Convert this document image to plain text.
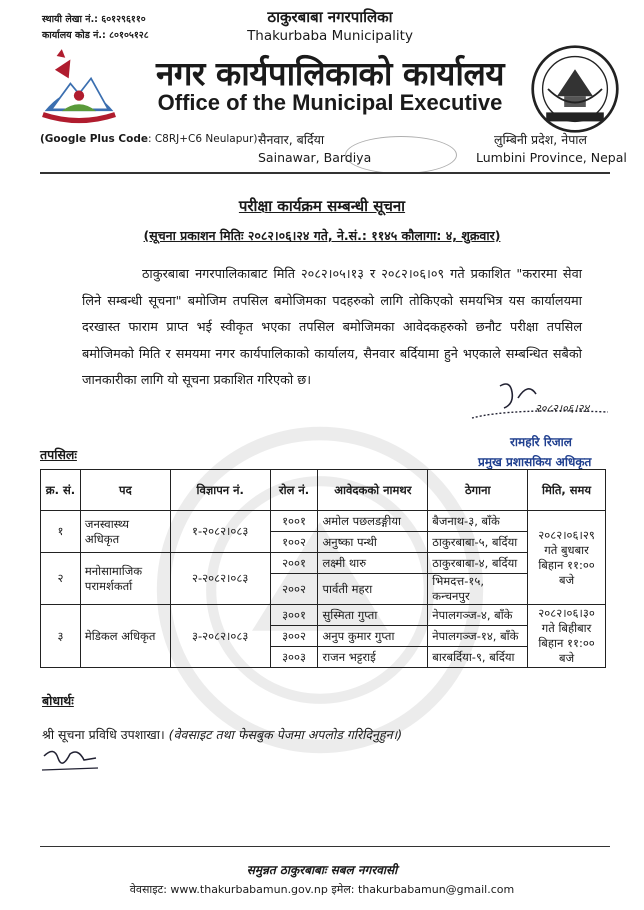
स्थायी लेखा नं.: ६०१२९६११०
कार्यालय कोड नं.: ८०१०५१२८
ठाकुरबाबा नगरपालिका
Thakurbaba Municipality
नगर कार्यपालिकाको कार्यालय
Office of the Municipal Executive
(Google Plus Code: C8RJ+C6 Neulapur) सैनवार, बर्दिया
Sainawar, Bardiya
लुम्बिनी प्रदेश, नेपाल
Lumbini Province, Nepal
परीक्षा कार्यक्रम सम्बन्धी सूचना
(सूचना प्रकाशन मितिः २०८२।०६।२४ गते, ने.सं.: ११४५ कौलागा: ४, शुक्रवार)

ठाकुरबाबा नगरपालिकाबाट मिति २०८२।०५।१३ र २०८२।०६।०९ गते प्रकाशित "करारमा सेवा लिने सम्बन्धी सूचना" बमोजिम तपसिल बमोजिमका पदहरुको लागि तोकिएको समयभित्र यस कार्यालयमा दरखास्त फाराम प्राप्त भई स्वीकृत भएका तपसिल बमोजिमका आवेदकहरुको छनौट परीक्षा तपसिल बमोजिमको मिति र समयमा नगर कार्यपालिकाको कार्यालय, सैनवार बर्दियामा हुने भएकाले सम्बन्धित सबैको जानकारीका लागि यो सूचना प्रकाशित गरिएको छ।

२०८२।०६।२४
रामहरि रिजाल
प्रमुख प्रशासकिय अधिकृत
तपसिलः
क्र. सं.	पद	विज्ञापन नं.	रोल नं.	आवेदकको नामथर	ठेगाना	मिति, समय
१	जनस्वास्थ्य अधिकृत	१-२०८२।०८३	१००१	अमोल पछलडङ्गीया	बैजनाथ-३, बाँके	२०८२।०६।२९ गते बुधबार बिहान ११:०० बजे
			१००२	अनुष्का पन्थी	ठाकुरबाबा-५, बर्दिया	
२	मनोसामाजिक परामर्शकर्ता	२-२०८२।०८३	२००१	लक्ष्मी थारु	ठाकुरबाबा-४, बर्दिया	
			२००२	पार्वती महरा	भिमदत्त-१५, कन्चनपुर	
३	मेडिकल अधिकृत	३-२०८२।०८३	३००१	सुस्मिता गुप्ता	नेपालगञ्ज-४, बाँके	२०८२।०६।३० गते बिहीबार बिहान ११:०० बजे
			३००२	अनुप कुमार गुप्ता	नेपालगञ्ज-१४, बाँके	
			३००३	राजन भट्टराई	बारबर्दिया-९, बर्दिया	
बोधार्थः
श्री सूचना प्रविधि उपशाखा। (वेवसाइट तथा फेसबुक पेजमा अपलोड गरिदिनुहुन।)
समुन्नत ठाकुरबाबाः सबल नगरवासी
वेवसाइट: www.thakurbabamun.gov.np इमेल: thakurbabamun@gmail.com
